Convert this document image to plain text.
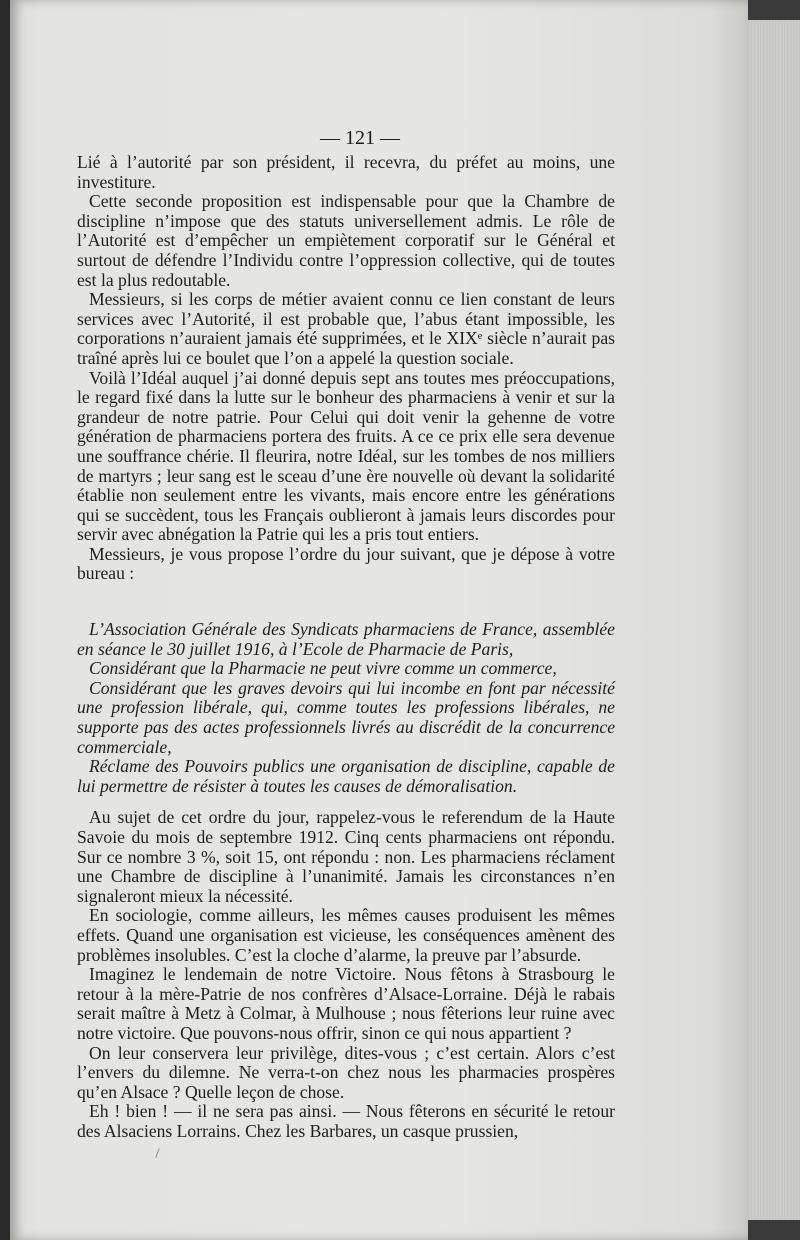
— 121 —

Lié à l’autorité par son président, il recevra, du préfet au moins, une investiture.

Cette seconde proposition est indispensable pour que la Chambre de discipline n’impose que des statuts universellement admis. Le rôle de l’Autorité est d’empêcher un empiètement corporatif sur le Général et surtout de défendre l’Individu contre l’oppression collective, qui de toutes est la plus redoutable.

Messieurs, si les corps de métier avaient connu ce lien constant de leurs services avec l’Autorité, il est probable que, l’abus étant impossible, les corporations n’auraient jamais été supprimées, et le XIXᵉ siècle n’aurait pas traîné après lui ce boulet que l’on a appelé la question sociale.

Voilà l’Idéal auquel j’ai donné depuis sept ans toutes mes préoccupations, le regard fixé dans la lutte sur le bonheur des pharmaciens à venir et sur la grandeur de notre patrie. Pour Celui qui doit venir la gehenne de votre génération de pharmaciens portera des fruits. A ce ce prix elle sera devenue une souffrance chérie. Il fleurira, notre Idéal, sur les tombes de nos milliers de martyrs ; leur sang est le sceau d’une ère nouvelle où devant la solidarité établie non seulement entre les vivants, mais encore entre les générations qui se succèdent, tous les Français oublieront à jamais leurs discordes pour servir avec abnégation la Patrie qui les a pris tout entiers.

Messieurs, je vous propose l’ordre du jour suivant, que je dépose à votre bureau :

L’Association Générale des Syndicats pharmaciens de France, assemblée en séance le 30 juillet 1916, à l’Ecole de Pharmacie de Paris,

Considérant que la Pharmacie ne peut vivre comme un commerce,

Considérant que les graves devoirs qui lui incombe en font par nécessité une profession libérale, qui, comme toutes les professions libérales, ne supporte pas des actes professionnels livrés au discrédit de la concurrence commerciale,

Réclame des Pouvoirs publics une organisation de discipline, capable de lui permettre de résister à toutes les causes de démoralisation.

Au sujet de cet ordre du jour, rappelez-vous le referendum de la Haute Savoie du mois de septembre 1912. Cinq cents pharmaciens ont répondu. Sur ce nombre 3 %, soit 15, ont répondu : non. Les pharmaciens réclament une Chambre de discipline à l’unanimité. Jamais les circonstances n’en signaleront mieux la nécessité.

En sociologie, comme ailleurs, les mêmes causes produisent les mêmes effets. Quand une organisation est vicieuse, les conséquences amènent des problèmes insolubles. C’est la cloche d’alarme, la preuve par l’absurde.

Imaginez le lendemain de notre Victoire. Nous fêtons à Strasbourg le retour à la mère-Patrie de nos confrères d’Alsace-Lorraine. Déjà le rabais serait maître à Metz à Colmar, à Mulhouse ; nous fêterions leur ruine avec notre victoire. Que pouvons-nous offrir, sinon ce qui nous appartient ?

On leur conservera leur privilège, dites-vous ; c’est certain. Alors c’est l’envers du dilemne. Ne verra-t-on chez nous les pharmacies prospères qu’en Alsace ? Quelle leçon de chose.

Eh ! bien ! — il ne sera pas ainsi. — Nous fêterons en sécurité le retour des Alsaciens Lorrains. Chez les Barbares, un casque prussien,
